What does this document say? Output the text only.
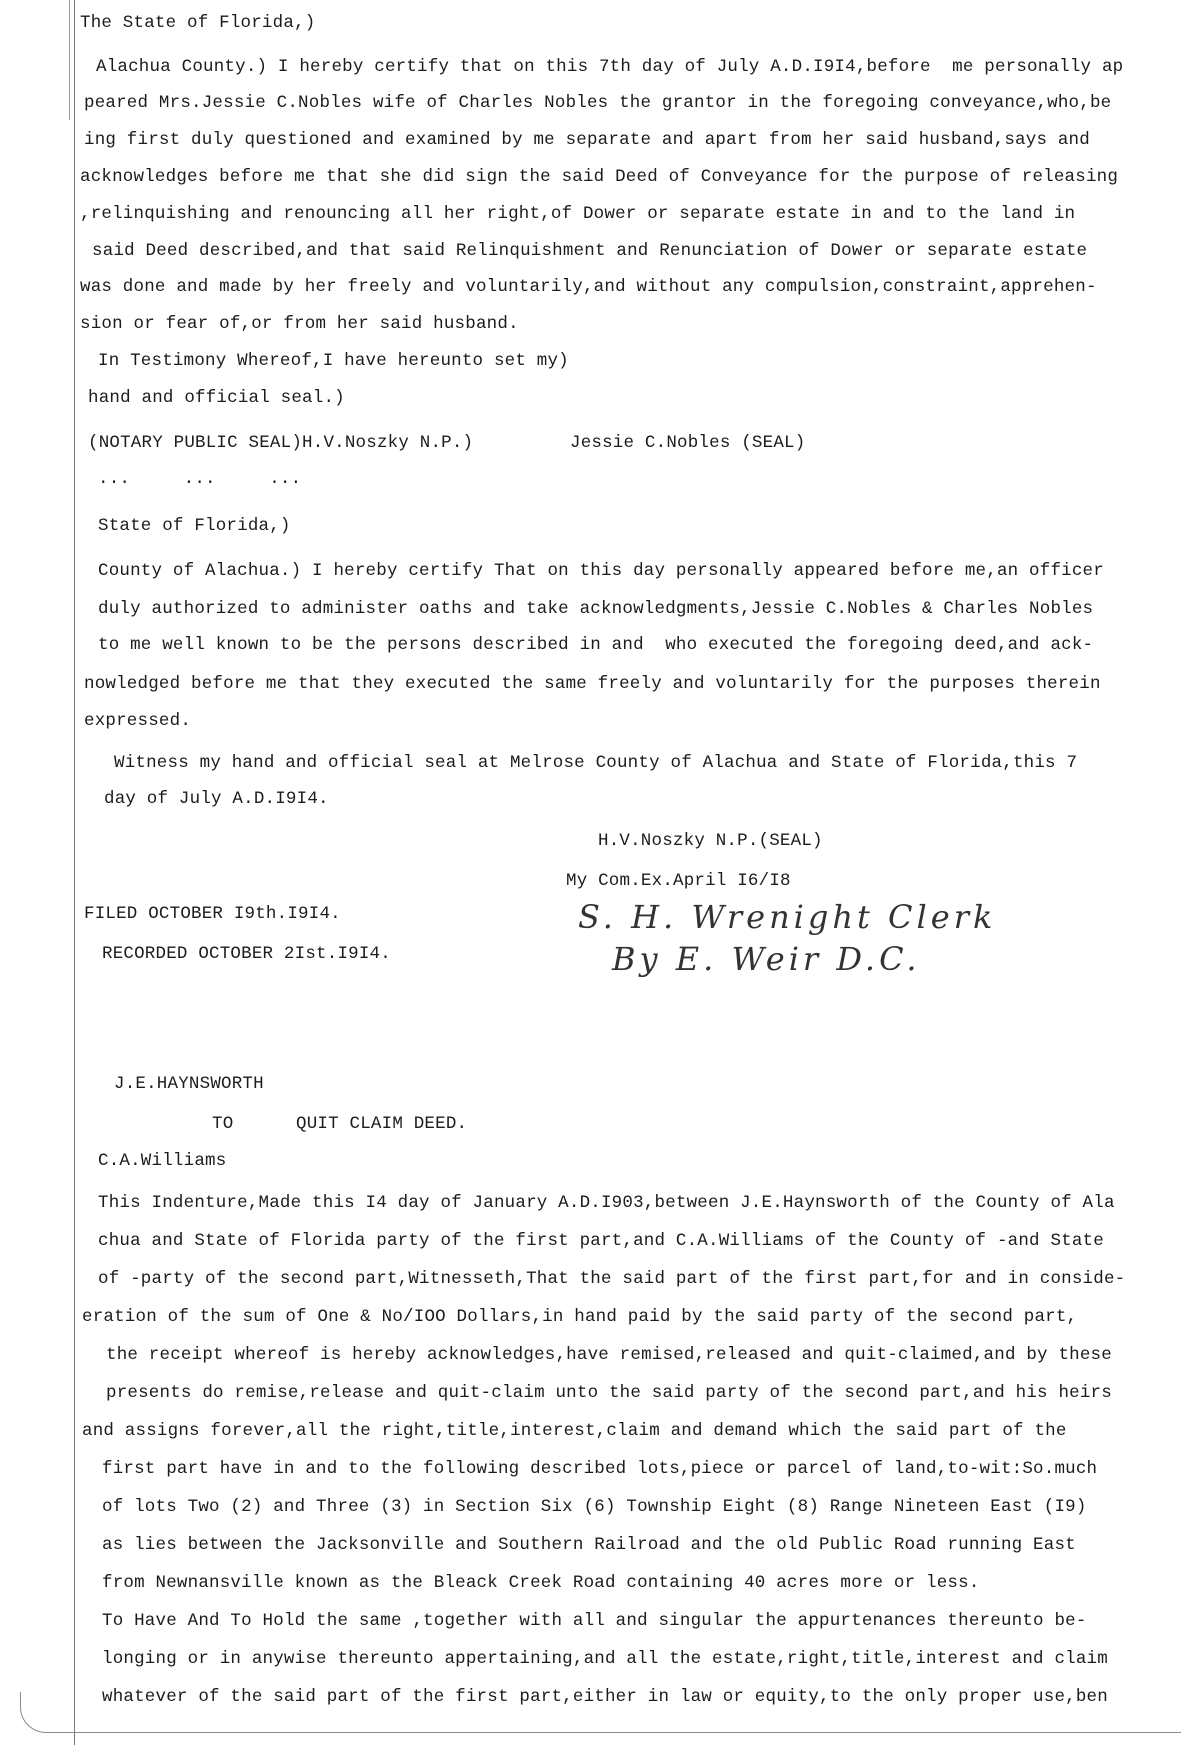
The State of Florida,)
Alachua County.) I hereby certify that on this 7th day of July A.D.I9I4,before  me personally ap
peared Mrs.Jessie C.Nobles wife of Charles Nobles the grantor in the foregoing conveyance,who,be
ing first duly questioned and examined by me separate and apart from her said husband,says and
acknowledges before me that she did sign the said Deed of Conveyance for the purpose of releasing
,relinquishing and renouncing all her right,of Dower or separate estate in and to the land in
said Deed described,and that said Relinquishment and Renunciation of Dower or separate estate
was done and made by her freely and voluntarily,and without any compulsion,constraint,apprehen-
sion or fear of,or from her said husband.
In Testimony Whereof,I have hereunto set my)
hand and official seal.)
(NOTARY PUBLIC SEAL)H.V.Noszky N.P.)	Jessie C.Nobles (SEAL)
...     ...     ...
State of Florida,)
County of Alachua.) I hereby certify That on this day personally appeared before me,an officer
duly authorized to administer oaths and take acknowledgments,Jessie C.Nobles & Charles Nobles
to me well known to be the persons described in and  who executed the foregoing deed,and ack-
nowledged before me that they executed the same freely and voluntarily for the purposes therein
expressed.
Witness my hand and official seal at Melrose County of Alachua and State of Florida,this 7
day of July A.D.I9I4.
H.V.Noszky N.P.(SEAL)
My Com.Ex.April I6/I8
FILED OCTOBER I9th.I9I4.
RECORDED OCTOBER 2Ist.I9I4.
S. H. Wrenight Clerk
By E. Weir D.C.
J.E.HAYNSWORTH
TO	QUIT CLAIM DEED.
C.A.Williams
This Indenture,Made this I4 day of January A.D.I903,between J.E.Haynsworth of the County of Ala
chua and State of Florida party of the first part,and C.A.Williams of the County of -and State
of -party of the second part,Witnesseth,That the said part of the first part,for and in conside-
eration of the sum of One & No/IOO Dollars,in hand paid by the said party of the second part,
the receipt whereof is hereby acknowledges,have remised,released and quit-claimed,and by these
presents do remise,release and quit-claim unto the said party of the second part,and his heirs
and assigns forever,all the right,title,interest,claim and demand which the said part of the
first part have in and to the following described lots,piece or parcel of land,to-wit:So.much
of lots Two (2) and Three (3) in Section Six (6) Township Eight (8) Range Nineteen East (I9)
as lies between the Jacksonville and Southern Railroad and the old Public Road running East
from Newnansville known as the Bleack Creek Road containing 40 acres more or less.
To Have And To Hold the same ,together with all and singular the appurtenances thereunto be-
longing or in anywise thereunto appertaining,and all the estate,right,title,interest and claim
whatever of the said part of the first part,either in law or equity,to the only proper use,ben
